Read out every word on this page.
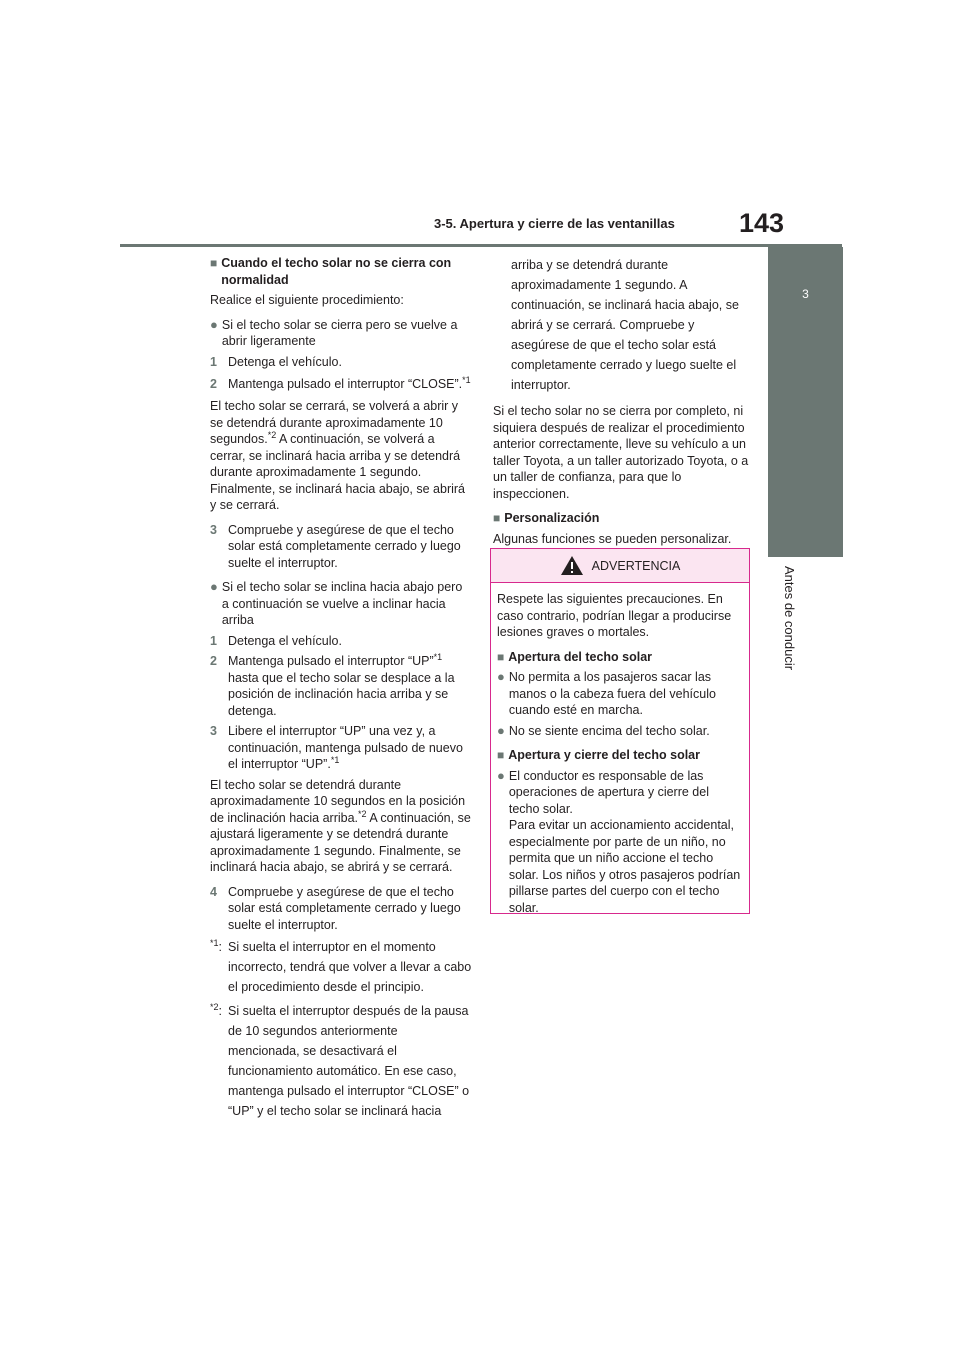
3-5. Apertura y cierre de las ventanillas 143
3
Antes de conducir
■ Cuando el techo solar no se cierra con normalidad

Realice el siguiente procedimiento:

● Si el techo solar se cierra pero se vuelve a abrir ligeramente
1 Detenga el vehículo.
2 Mantenga pulsado el interruptor “CLOSE”.$^{*1}$

El techo solar se cerrará, se volverá a abrir y se detendrá durante aproximadamente 10 segundos.$^{*2}$ A continuación, se volverá a cerrar, se inclinará hacia arriba y se detendrá durante aproximadamente 1 segundo. Finalmente, se inclinará hacia abajo, se abrirá y se cerrará.

3 Compruebe y asegúrese de que el techo solar está completamente cerrado y luego suelte el interruptor.
● Si el techo solar se inclina hacia abajo pero a continuación se vuelve a inclinar hacia arriba
1 Detenga el vehículo.
2 Mantenga pulsado el interruptor “UP”$^{*1}$ hasta que el techo solar se desplace a la posición de inclinación hacia arriba y se detenga.
3 Libere el interruptor “UP” una vez y, a continuación, mantenga pulsado de nuevo el interruptor “UP”.$^{*1}$

El techo solar se detendrá durante aproximadamente 10 segundos en la posición de inclinación hacia arriba.$^{*2}$ A continuación, se ajustará ligeramente y se detendrá durante aproximadamente 1 segundo. Finalmente, se inclinará hacia abajo, se abrirá y se cerrará.

4 Compruebe y asegúrese de que el techo solar está completamente cerrado y luego suelte el interruptor.
$^{*1}$: Si suelta el interruptor en el momento incorrecto, tendrá que volver a llevar a cabo el procedimiento desde el principio.
$^{*2}$: Si suelta el interruptor después de la pausa de 10 segundos anteriormente mencionada, se desactivará el funcionamiento automático. En ese caso, mantenga pulsado el interruptor “CLOSE” o “UP” y el techo solar se inclinará hacia

arriba y se detendrá durante aproximadamente 1 segundo. A continuación, se inclinará hacia abajo, se abrirá y se cerrará. Compruebe y asegúrese de que el techo solar está completamente cerrado y luego suelte el interruptor.

Si el techo solar no se cierra por completo, ni siquiera después de realizar el procedimiento anterior correctamente, lleve su vehículo a un taller Toyota, a un taller autorizado Toyota, o a un taller de confianza, para que lo inspeccionen.

■ Personalización

Algunas funciones se pueden personalizar.

ADVERTENCIA

Respete las siguientes precauciones. En caso contrario, podrían llegar a producirse lesiones graves o mortales.

■ Apertura del techo solar
● No permita a los pasajeros sacar las manos o la cabeza fuera del vehículo cuando esté en marcha.
● No se siente encima del techo solar.
■ Apertura y cierre del techo solar
● El conductor es responsable de las operaciones de apertura y cierre del techo solar.
Para evitar un accionamiento accidental, especialmente por parte de un niño, no permita que un niño accione el techo solar. Los niños y otros pasajeros podrían pillarse partes del cuerpo con el techo solar.
